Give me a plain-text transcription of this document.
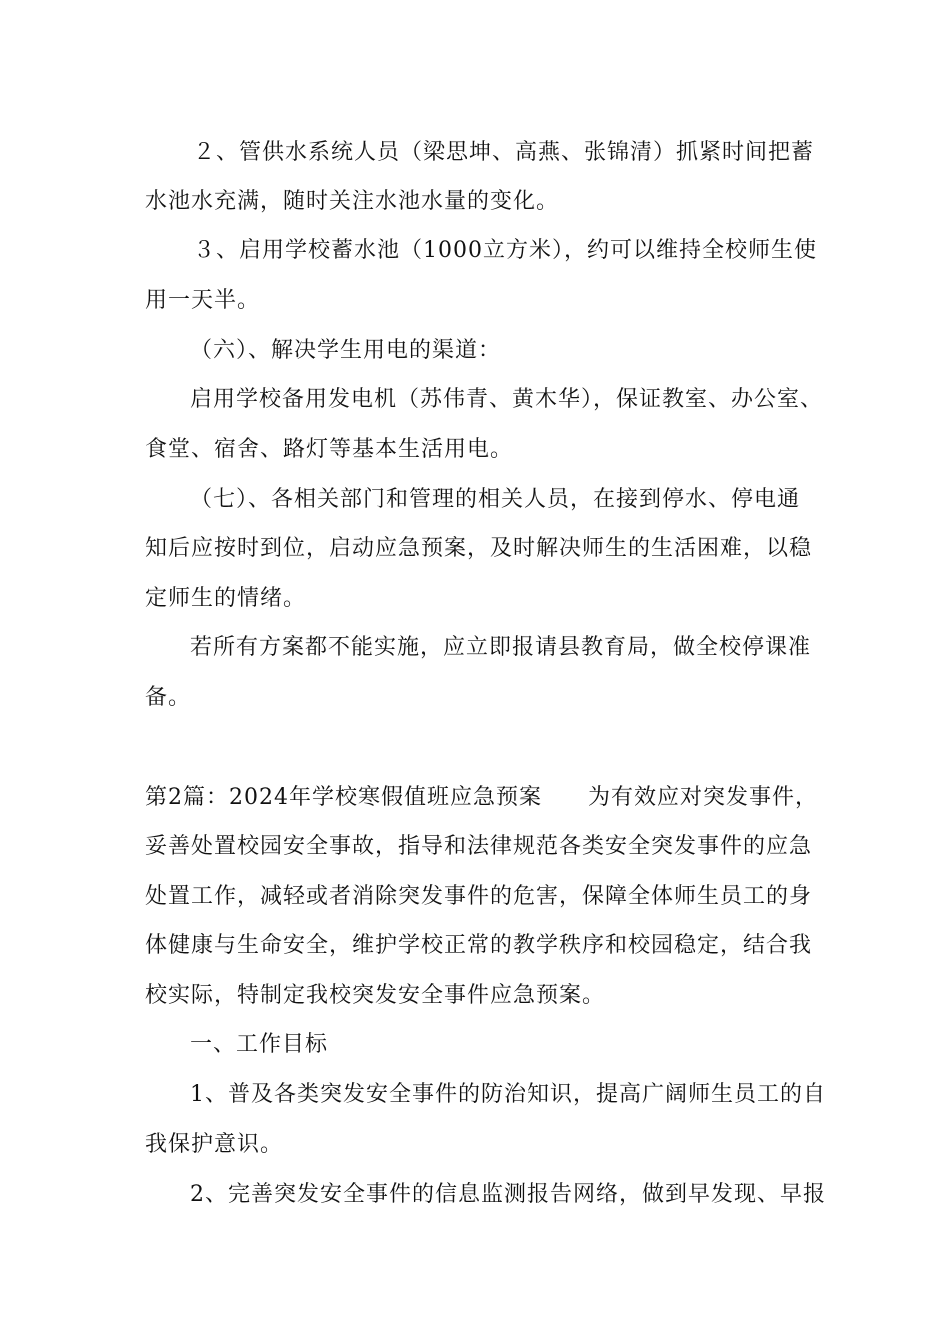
２、管供水系统人员（梁思坤、高燕、张锦清）抓紧时间把蓄
水池水充满，随时关注水池水量的变化。
３、启用学校蓄水池（1000立方米），约可以维持全校师生使
用一天半。
（六）、解决学生用电的渠道：
启用学校备用发电机（苏伟青、黄木华），保证教室、办公室、
食堂、宿舍、路灯等基本生活用电。
（七）、各相关部门和管理的相关人员，在接到停水、停电通
知后应按时到位，启动应急预案，及时解决师生的生活困难，以稳
定师生的情绪。
若所有方案都不能实施，应立即报请县教育局，做全校停课准
备。
第2篇：2024年学校寒假值班应急预案　　为有效应对突发事件，
妥善处置校园安全事故，指导和法律规范各类安全突发事件的应急
处置工作，减轻或者消除突发事件的危害，保障全体师生员工的身
体健康与生命安全，维护学校正常的教学秩序和校园稳定，结合我
校实际，特制定我校突发安全事件应急预案。
一、工作目标
1、普及各类突发安全事件的防治知识，提高广阔师生员工的自
我保护意识。
2、完善突发安全事件的信息监测报告网络，做到早发现、早报
